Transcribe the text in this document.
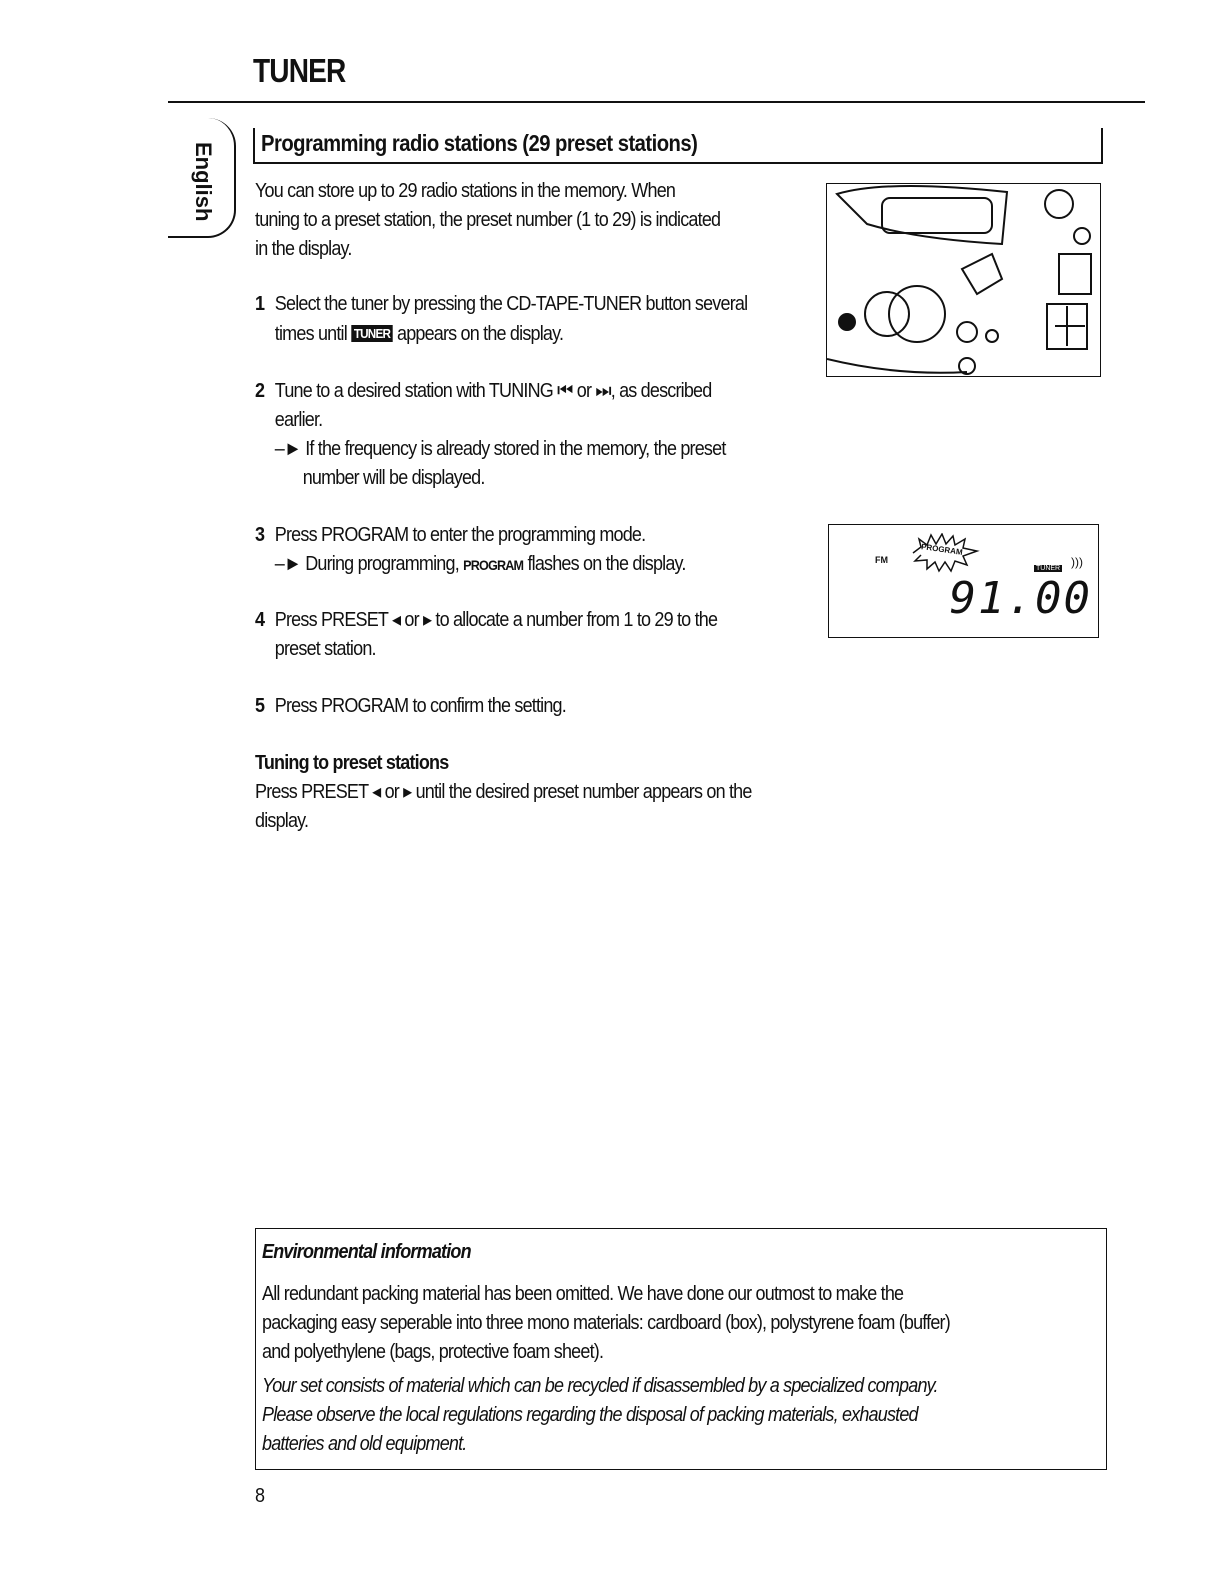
TUNER
English Programming radio stations (29 preset stations)
You can store up to 29 radio stations in the memory. When
tuning to a preset station, the preset number (1 to 29) is indicated
in the display.
1 Select the tuner by pressing the CD-TAPE-TUNER button several
times until TUNER appears on the display.
2 Tune to a desired station with TUNING ⏮ or ⏭, as described
earlier.
–► If the frequency is already stored in the memory, the preset
number will be displayed.
3 Press PROGRAM to enter the programming mode.
–► During programming, PROGRAM flashes on the display.
4 Press PRESET ◂ or ▸ to allocate a number from 1 to 29 to the
preset station.
5 Press PROGRAM to confirm the setting.
Tuning to preset stations
Press PRESET ◂ or ▸ until the desired preset number appears on the
display.
FM
PROGRAM
TUNER )))
91.00
Environmental information
All redundant packing material has been omitted. We have done our outmost to make the
packaging easy seperable into three mono materials: cardboard (box), polystyrene foam (buffer)
and polyethylene (bags, protective foam sheet).
Your set consists of material which can be recycled if disassembled by a specialized company.
Please observe the local regulations regarding the disposal of packing materials, exhausted
batteries and old equipment.
8
